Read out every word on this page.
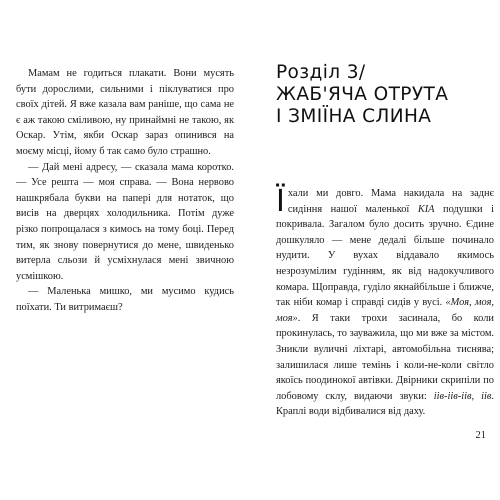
Мамам не годиться плакати. Вони мусять бути дорослими, сильними і піклуватися про своїх дітей. Я вже казала вам раніше, що сама не є аж такою сміливою, ну принаймні не такою, як Оскар. Утім, якби Оскар зараз опинився на моєму місці, йому б так само було страшно.

— Дай мені адресу, — сказала мама коротко. — Усе решта — моя справа. — Вона нервово нашкрябала букви на папері для нотаток, що висів на дверцях холодильника. Потім дуже різко попрощалася з кимось на тому боці. Перед тим, як знову повернутися до мене, швиденько витерла сльози й усміхнулася мені звичною усмішкою.

— Маленька мишко, ми мусимо кудись поїхати. Ти витримаєш?

Розділ 3/
ЖАБ'ЯЧА ОТРУТА
І ЗМІЇНА СЛИНА

Їхали ми довго. Мама накидала на заднє сидіння нашої маленької КІА подушки і покривала. Загалом було досить зручно. Єдине дошкуляло — мене дедалі більше починало нудити. У вухах віддавало якимось незрозумілим гудінням, як від надокучливого комара. Щоправда, гуділо якнайбільше і ближче, так ніби комар і справді сидів у вусі. «Моя, моя, моя». Я таки трохи засинала, бо коли прокинулась, то зауважила, що ми вже за містом. Зникли вуличні ліхтарі, автомобільна тиснява; залишилася лише темінь і коли-не-коли світло якоїсь поодинокої автівки. Двірники скрипіли по лобовому склу, видаючи звуки: іів-іів-іів, іів. Краплі води відбивалися від даху.

21
